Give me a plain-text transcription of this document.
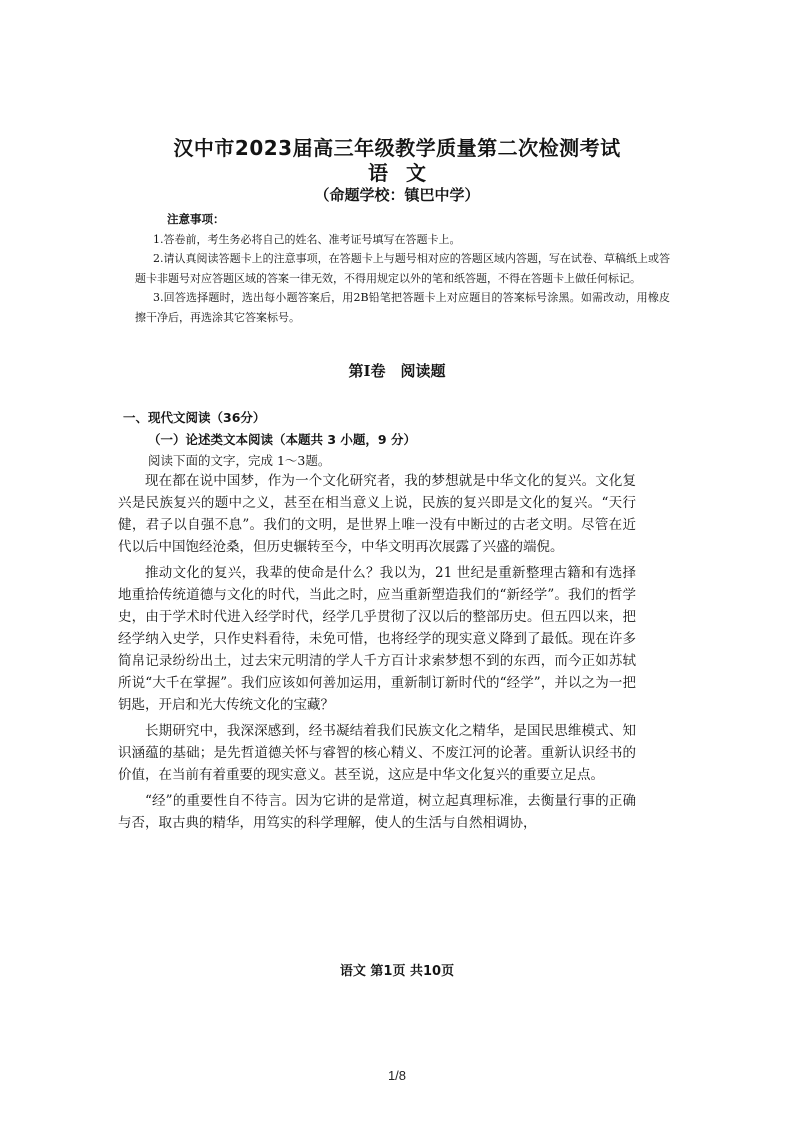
汉中市2023届高三年级教学质量第二次检测考试
语文
（命题学校：镇巴中学）
注意事项：

1.答卷前，考生务必将自己的姓名、准考证号填写在答题卡上。

2.请认真阅读答题卡上的注意事项，在答题卡上与题号相对应的答题区域内答题，写在试卷、草稿纸上或答题卡非题号对应答题区域的答案一律无效，不得用规定以外的笔和纸答题，不得在答题卡上做任何标记。

3.回答选择题时，选出每小题答案后，用2B铅笔把答题卡上对应题目的答案标号涂黑。如需改动，用橡皮擦干净后，再选涂其它答案标号。

第Ⅰ卷　阅读题
一、现代文阅读（36分）
（一）论述类文本阅读（本题共 3 小题，9 分）
阅读下面的文字，完成 1～3题。

现在都在说中国梦，作为一个文化研究者，我的梦想就是中华文化的复兴。文化复兴是民族复兴的题中之义，甚至在相当意义上说，民族的复兴即是文化的复兴。“天行健，君子以自强不息”。我们的文明，是世界上唯一没有中断过的古老文明。尽管在近代以后中国饱经沧桑，但历史辗转至今，中华文明再次展露了兴盛的端倪。

推动文化的复兴，我辈的使命是什么？我以为，21 世纪是重新整理古籍和有选择地重拾传统道德与文化的时代，当此之时，应当重新塑造我们的“新经学”。我们的哲学史，由于学术时代进入经学时代，经学几乎贯彻了汉以后的整部历史。但五四以来，把经学纳入史学，只作史料看待，未免可惜，也将经学的现实意义降到了最低。现在许多简帛记录纷纷出土，过去宋元明清的学人千方百计求索梦想不到的东西，而今正如苏轼所说“大千在掌握”。我们应该如何善加运用，重新制订新时代的“经学”，并以之为一把钥匙，开启和光大传统文化的宝藏？

长期研究中，我深深感到，经书凝结着我们民族文化之精华，是国民思维模式、知识涵蕴的基础；是先哲道德关怀与睿智的核心精义、不废江河的论著。重新认识经书的价值，在当前有着重要的现实意义。甚至说，这应是中华文化复兴的重要立足点。

“经”的重要性自不待言。因为它讲的是常道，树立起真理标准，去衡量行事的正确与否，取古典的精华，用笃实的科学理解，使人的生活与自然相调协，

语文 第1页 共10页
1/8
